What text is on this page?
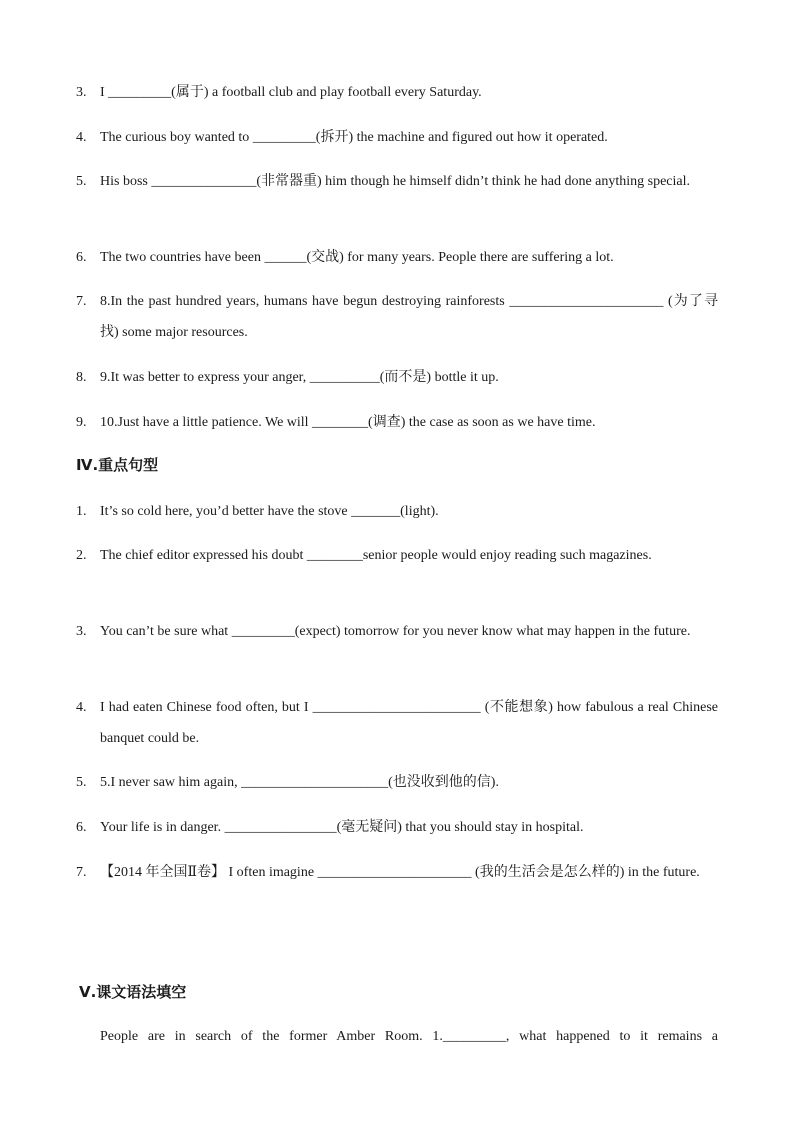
3. I _________(属于) a football club and play football every Saturday.
4. The curious boy wanted to _________(拆开) the machine and figured out how it operated.
5. His boss _______________(非常器重) him though he himself didn’t think he had done anything special.
6. The two countries have been ______(交战) for many years. People there are suffering a lot.
7. 8.In the past hundred years, humans have begun destroying rainforests ______________________ (为了寻找) some major resources.
8. 9.It was better to express your anger, __________(而不是) bottle it up.
9. 10.Just have a little patience. We will ________(调查) the case as soon as we have time.
Ⅳ.重点句型
1. It’s so cold here, you’d better have the stove _______(light).
2. The chief editor expressed his doubt ________senior people would enjoy reading such magazines.
3. You can’t be sure what _________(expect) tomorrow for you never know what may happen in the future.
4. I had eaten Chinese food often, but I ________________________ (不能想象) how fabulous a real Chinese banquet could be.
5. 5.I never saw him again, _____________________(也没收到他的信).
6. Your life is in danger. ________________(毫无疑问) that you should stay in hospital.
7. 【2014 年全国Ⅱ卷】 I often imagine ______________________ (我的生活会是怎么样的) in the future.
Ⅴ.课文语法填空
People are in search of the former Amber Room. 1._________, what happened to it remains a
